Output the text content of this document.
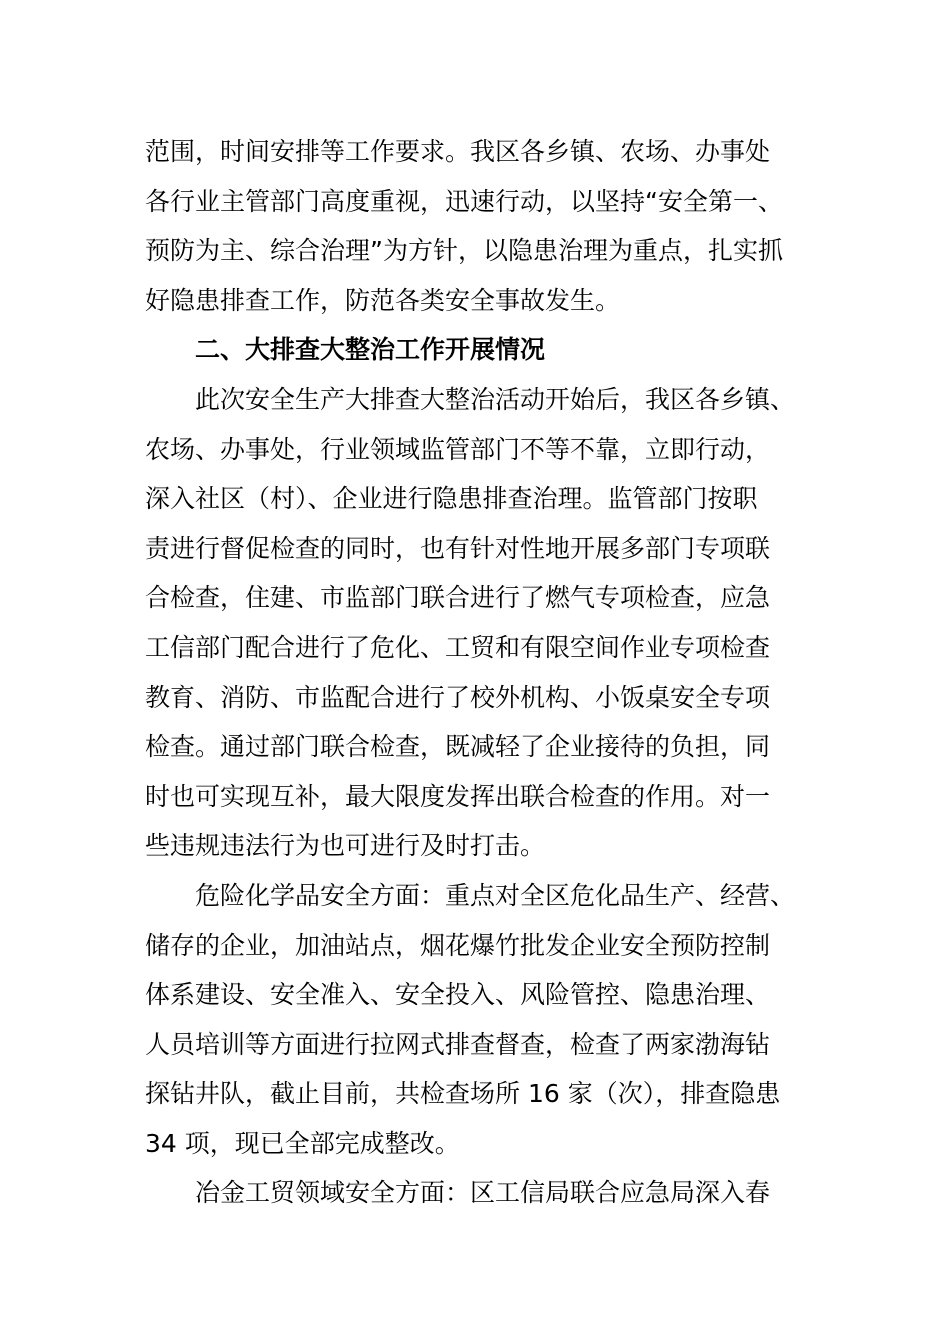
范围，时间安排等工作要求。我区各乡镇、农场、办事处
各行业主管部门高度重视，迅速行动，以坚持“安全第一、
预防为主、综合治理”为方针，以隐患治理为重点，扎实抓
好隐患排查工作，防范各类安全事故发生。
二、大排查大整治工作开展情况
此次安全生产大排查大整治活动开始后，我区各乡镇、
农场、办事处，行业领域监管部门不等不靠，立即行动，
深入社区（村）、企业进行隐患排查治理。监管部门按职
责进行督促检查的同时，也有针对性地开展多部门专项联
合检查，住建、市监部门联合进行了燃气专项检查，应急
工信部门配合进行了危化、工贸和有限空间作业专项检查
教育、消防、市监配合进行了校外机构、小饭桌安全专项
检查。通过部门联合检查，既减轻了企业接待的负担，同
时也可实现互补，最大限度发挥出联合检查的作用。对一
些违规违法行为也可进行及时打击。
危险化学品安全方面：重点对全区危化品生产、经营、
储存的企业，加油站点，烟花爆竹批发企业安全预防控制
体系建设、安全准入、安全投入、风险管控、隐患治理、
人员培训等方面进行拉网式排查督查，检查了两家渤海钻
探钻井队，截止目前，共检查场所 16 家（次），排查隐患
34 项，现已全部完成整改。
冶金工贸领域安全方面：区工信局联合应急局深入春
